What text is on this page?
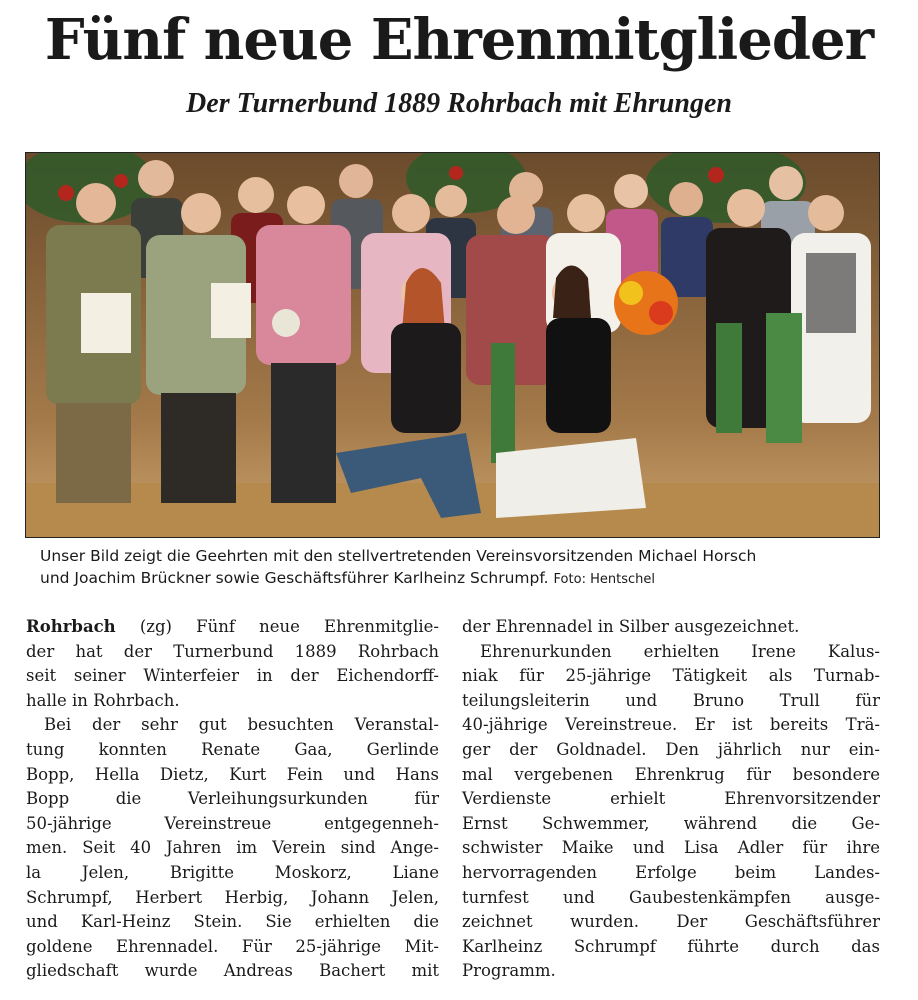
Fünf neue Ehrenmitglieder
Der Turnerbund 1889 Rohrbach mit Ehrungen

Unser Bild zeigt die Geehrten mit den stellvertretenden Vereinsvorsitzenden Michael Horsch

und Joachim Brückner sowie Geschäftsführer Karlheinz Schrumpf. Foto: Hentschel

Rohrbach (zg) Fünf neue Ehrenmitglie-

der hat der Turnerbund 1889 Rohrbach

seit seiner Winterfeier in der Eichendorff-

halle in Rohrbach.

Bei der sehr gut besuchten Veranstal-

tung konnten Renate Gaa, Gerlinde

Bopp, Hella Dietz, Kurt Fein und Hans

Bopp die Verleihungsurkunden für

50-jährige Vereinstreue entgegenneh-

men. Seit 40 Jahren im Verein sind Ange-

la Jelen, Brigitte Moskorz, Liane

Schrumpf, Herbert Herbig, Johann Jelen,

und Karl-Heinz Stein. Sie erhielten die

goldene Ehrennadel. Für 25-jährige Mit-

gliedschaft wurde Andreas Bachert mit

der Ehrennadel in Silber ausgezeichnet.

Ehrenurkunden erhielten Irene Kalus-

niak für 25-jährige Tätigkeit als Turnab-

teilungsleiterin und Bruno Trull für

40-jährige Vereinstreue. Er ist bereits Trä-

ger der Goldnadel. Den jährlich nur ein-

mal vergebenen Ehrenkrug für besondere

Verdienste erhielt Ehrenvorsitzender

Ernst Schwemmer, während die Ge-

schwister Maike und Lisa Adler für ihre

hervorragenden Erfolge beim Landes-

turnfest und Gaubestenkämpfen ausge-

zeichnet wurden. Der Geschäftsführer

Karlheinz Schrumpf führte durch das

Programm.
